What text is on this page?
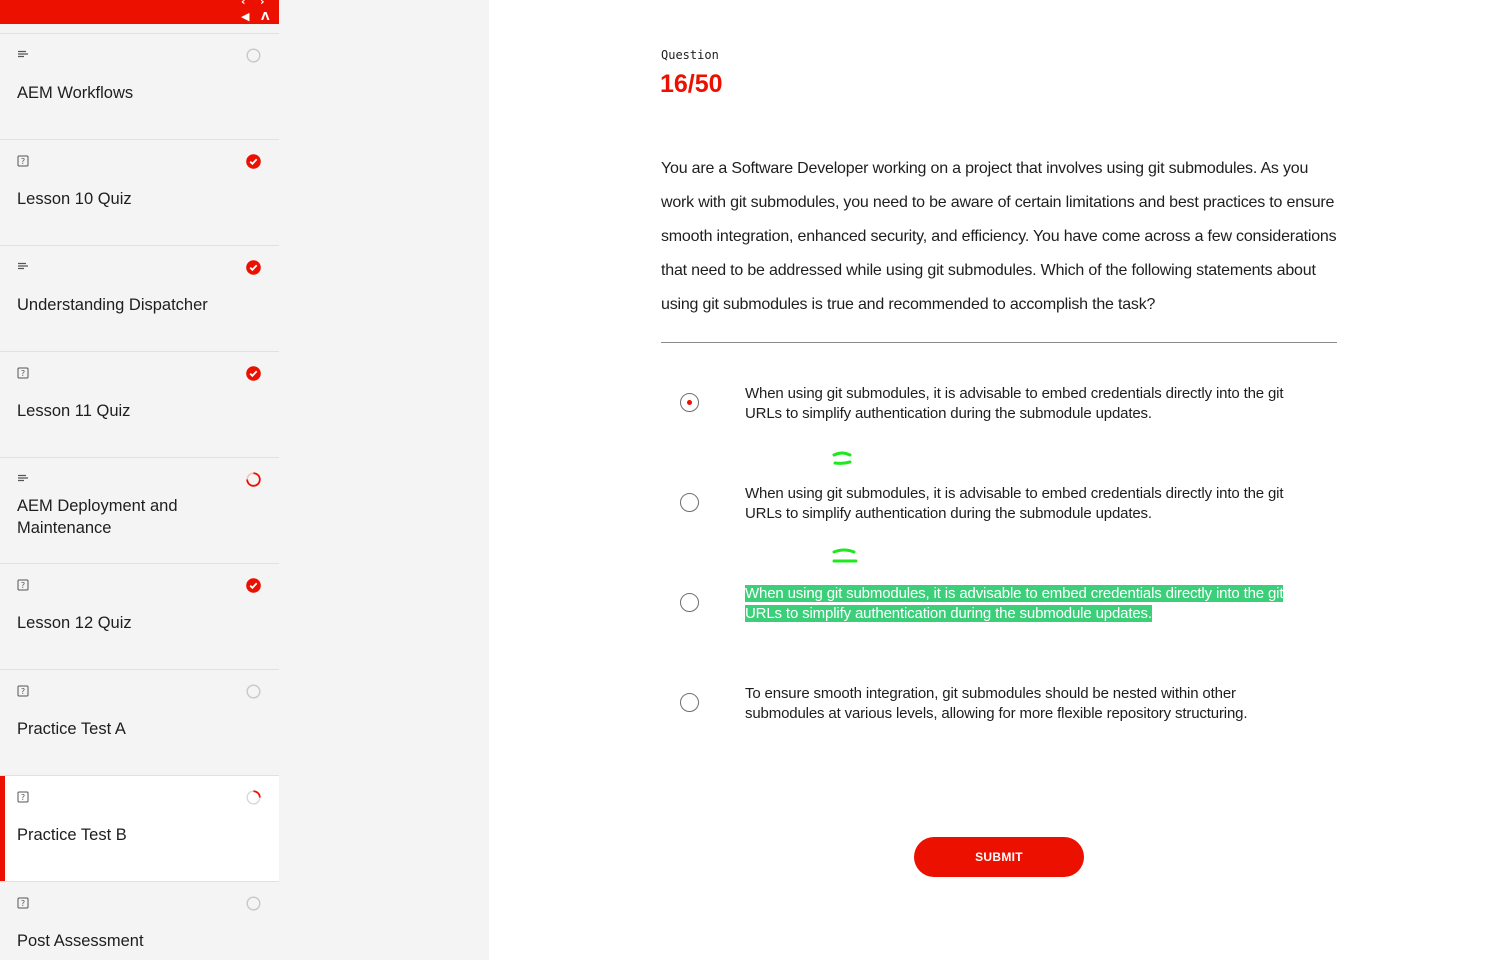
‹ ›
◀ Λ
AEM Workflows
?
Lesson 10 Quiz
Understanding Dispatcher
?
Lesson 11 Quiz
AEM Deployment and Maintenance
?
Lesson 12 Quiz
?
Practice Test A
?
Practice Test B
?
Post Assessment
Question
16/50
You are a Software Developer working on a project that involves using git submodules. As you work with git submodules, you need to be aware of certain limitations and best practices to ensure smooth integration, enhanced security, and efficiency. You have come across a few considerations that need to be addressed while using git submodules. Which of the following statements about using git submodules is true and recommended to accomplish the task?
When using git submodules, it is advisable to embed credentials directly into the git URLs to simplify authentication during the submodule updates.
When using git submodules, it is advisable to embed credentials directly into the git URLs to simplify authentication during the submodule updates.
When using git submodules, it is advisable to embed credentials directly into the git URLs to simplify authentication during the submodule updates.
To ensure smooth integration, git submodules should be nested within other submodules at various levels, allowing for more flexible repository structuring.
SUBMIT
